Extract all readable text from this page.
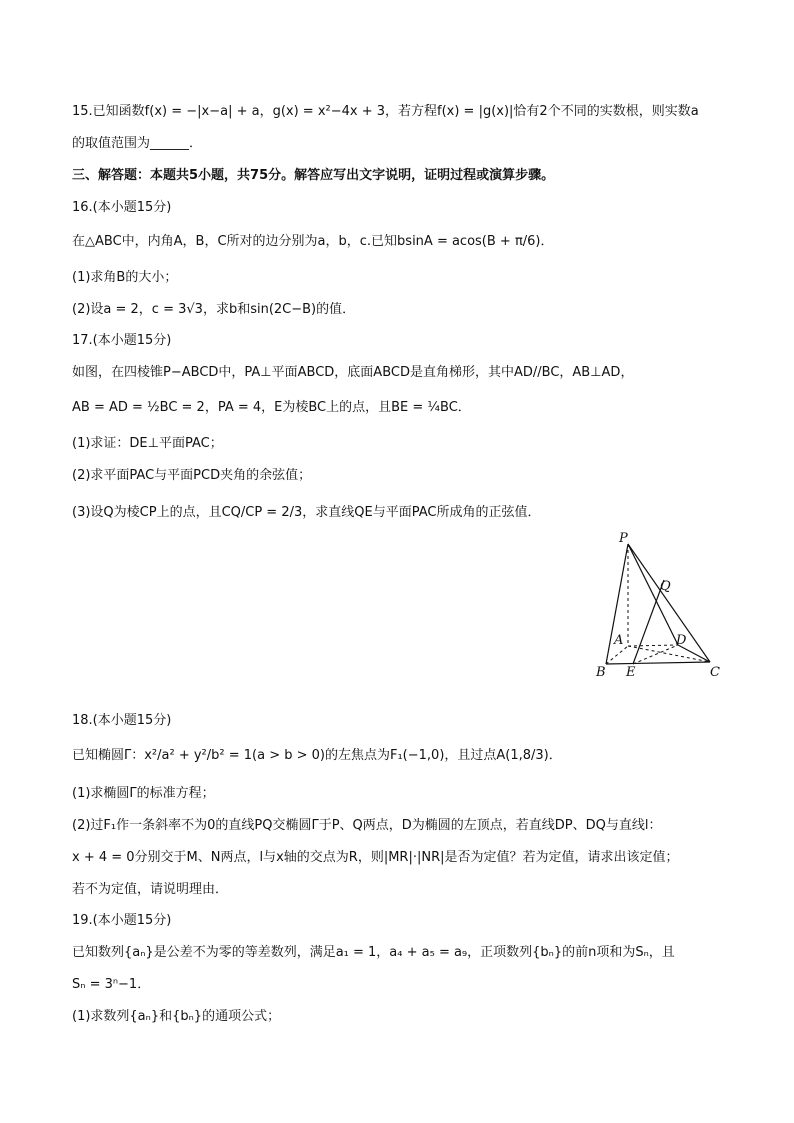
15.已知函数f(x) = −|x−a| + a，g(x) = x²−4x + 3，若方程f(x) = |g(x)|恰有2个不同的实数根，则实数a
的取值范围为______．
三、解答题：本题共5小题，共75分。解答应写出文字说明，证明过程或演算步骤。
16.(本小题15分)
在△ABC中，内角A，B，C所对的边分别为a，b，c.已知bsinA = acos(B + π/6)．
(1)求角B的大小；
(2)设a = 2，c = 3√3，求b和sin(2C−B)的值．
17.(本小题15分)
如图，在四棱锥P−ABCD中，PA⊥平面ABCD，底面ABCD是直角梯形，其中AD//BC，AB⊥AD，
AB = AD = ½BC = 2，PA = 4，E为棱BC上的点，且BE = ¼BC．
(1)求证：DE⊥平面PAC；
(2)求平面PAC与平面PCD夹角的余弦值；
(3)设Q为棱CP上的点，且CQ/CP = 2/3，求直线QE与平面PAC所成角的正弦值．
P
Q
A	D
B E	C
18.(本小题15分)
已知椭圆Γ：x²/a² + y²/b² = 1(a > b > 0)的左焦点为F₁(−1,0)，且过点A(1,8/3)．
(1)求椭圆Γ的标准方程；
(2)过F₁作一条斜率不为0的直线PQ交椭圆Γ于P、Q两点，D为椭圆的左顶点，若直线DP、DQ与直线l：
x + 4 = 0分别交于M、N两点，l与x轴的交点为R，则|MR|·|NR|是否为定值？若为定值，请求出该定值；
若不为定值，请说明理由．
19.(本小题15分)
已知数列{aₙ}是公差不为零的等差数列，满足a₁ = 1，a₄ + a₅ = a₉，正项数列{bₙ}的前n项和为Sₙ，且
Sₙ = 3ⁿ−1．
(1)求数列{aₙ}和{bₙ}的通项公式；
